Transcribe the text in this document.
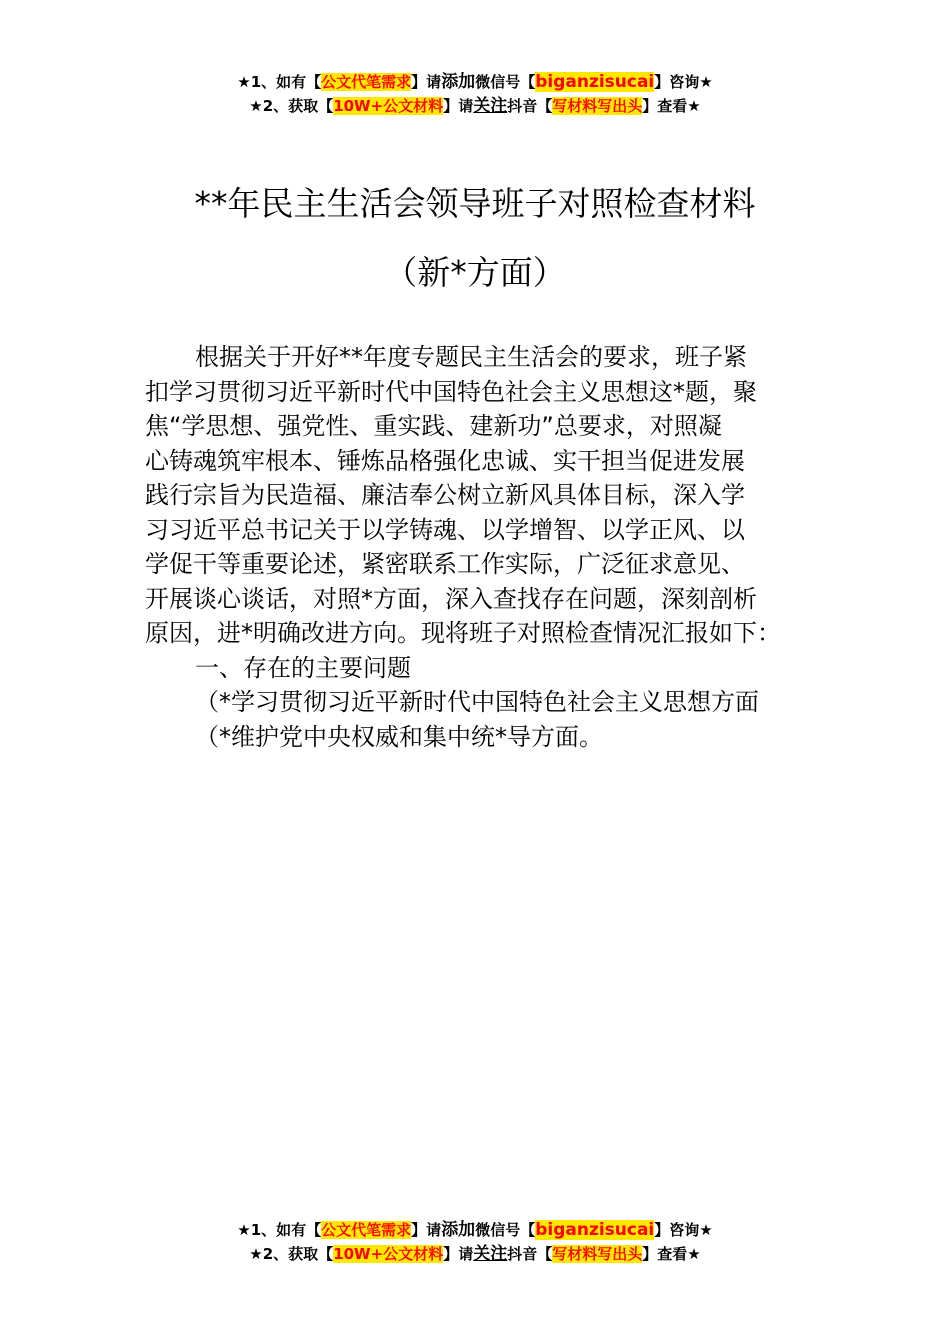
★1、如有【公文代笔需求】请添加微信号【biganzisucai】咨询★
★2、获取【10W+公文材料】请关注抖音【写材料写出头】查看★
**年民主生活会领导班子对照检查材料
（新*方面）
根据关于开好**年度专题民主生活会的要求，班子紧
扣学习贯彻习近平新时代中国特色社会主义思想这*题，聚
焦“学思想、强党性、重实践、建新功”总要求，对照凝
心铸魂筑牢根本、锤炼品格强化忠诚、实干担当促进发展
践行宗旨为民造福、廉洁奉公树立新风具体目标，深入学
习习近平总书记关于以学铸魂、以学增智、以学正风、以
学促干等重要论述，紧密联系工作实际，广泛征求意见、
开展谈心谈话，对照*方面，深入查找存在问题，深刻剖析
原因，进*明确改进方向。现将班子对照检查情况汇报如下：
一、存在的主要问题
（*学习贯彻习近平新时代中国特色社会主义思想方面
（*维护党中央权威和集中统*导方面。
★1、如有【公文代笔需求】请添加微信号【biganzisucai】咨询★
★2、获取【10W+公文材料】请关注抖音【写材料写出头】查看★
